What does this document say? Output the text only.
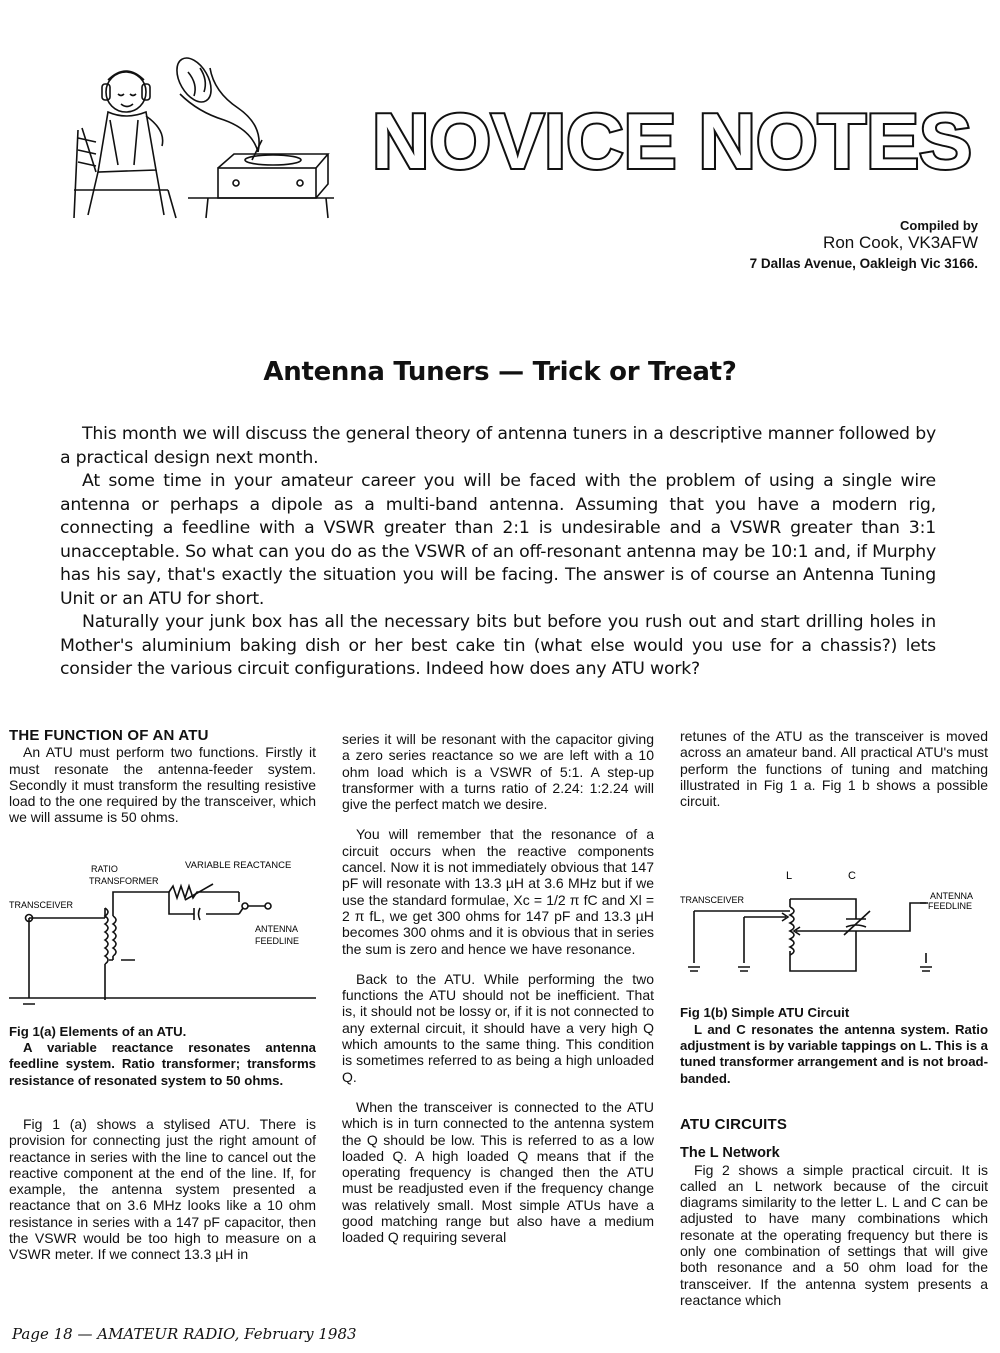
NOVICE NOTES
Compiled by
Ron Cook, VK3AFW
7 Dallas Avenue, Oakleigh Vic 3166.
Antenna Tuners — Trick or Treat?

This month we will discuss the general theory of antenna tuners in a descriptive manner followed by a practical design next month.

At some time in your amateur career you will be faced with the problem of using a single wire antenna or perhaps a dipole as a multi-band antenna. Assuming that you have a modern rig, connecting a feedline with a VSWR greater than 2:1 is undesirable and a VSWR greater than 3:1 unacceptable. So what can you do as the VSWR of an off-resonant antenna may be 10:1 and, if Murphy has his say, that's exactly the situation you will be facing. The answer is of course an Antenna Tuning Unit or an ATU for short.

Naturally your junk box has all the necessary bits but before you rush out and start drilling holes in Mother's aluminium baking dish or her best cake tin (what else would you use for a chassis?) lets consider the various circuit configurations. Indeed how does any ATU work?

THE FUNCTION OF AN ATU

An ATU must perform two functions. Firstly it must resonate the antenna-feeder system. Secondly it must transform the resulting resistive load to the one required by the transceiver, which we will assume is 50 ohms.

RATIO
TRANSFORMER
VARIABLE REACTANCE
TRANSCEIVER
ANTENNA
FEEDLINE
Fig 1(a) Elements of an ATU.

A variable reactance resonates antenna feedline system. Ratio transformer; transforms resistance of resonated system to 50 ohms.

Fig 1 (a) shows a stylised ATU. There is provision for connecting just the right amount of reactance in series with the line to cancel out the reactive component at the end of the line. If, for example, the antenna system presented a reactance that on 3.6 MHz looks like a 10 ohm resistance in series with a 147 pF capacitor, then the VSWR would be too high to measure on a VSWR meter. If we connect 13.3 µH in

series it will be resonant with the capacitor giving a zero series reactance so we are left with a 10 ohm load which is a VSWR of 5:1. A step-up transformer with a turns ratio of 2.24: 1:2.24 will give the perfect match we desire.

You will remember that the resonance of a circuit occurs when the reactive components cancel. Now it is not immediately obvious that 147 pF will resonate with 13.3 µH at 3.6 MHz but if we use the standard formulae, Xc = 1/2 π fC and Xl = 2 π fL, we get 300 ohms for 147 pF and 13.3 µH becomes 300 ohms and it is obvious that in series the sum is zero and hence we have resonance.

Back to the ATU. While performing the two functions the ATU should not be inefficient. That is, it should not be lossy or, if it is not connected to any external circuit, it should have a very high Q which amounts to the same thing. This condition is sometimes referred to as being a high unloaded Q.

When the transceiver is connected to the ATU which is in turn connected to the antenna system the Q should be low. This is referred to as a low loaded Q. A high loaded Q means that if the operating frequency is changed then the ATU must be readjusted even if the frequency change was relatively small. Most simple ATUs have a good matching range but also have a medium loaded Q requiring several

retunes of the ATU as the transceiver is moved across an amateur band. All practical ATU's must perform the functions of tuning and matching illustrated in Fig 1 a. Fig 1 b shows a possible circuit.

L	C
TRANSCEIVER	ANTENNA
FEEDLINE
Fig 1(b) Simple ATU Circuit

L and C resonates the antenna system. Ratio adjustment is by variable tappings on L. This is a tuned transformer arrangement and is not broad-banded.

ATU CIRCUITS
The L Network

Fig 2 shows a simple practical circuit. It is called an L network because of the circuit diagrams similarity to the letter L. L and C can be adjusted to have many combinations which resonate at the operating frequency but there is only one combination of settings that will give both resonance and a 50 ohm load for the transceiver. If the antenna system presents a reactance which

Page 18 — AMATEUR RADIO, February 1983
